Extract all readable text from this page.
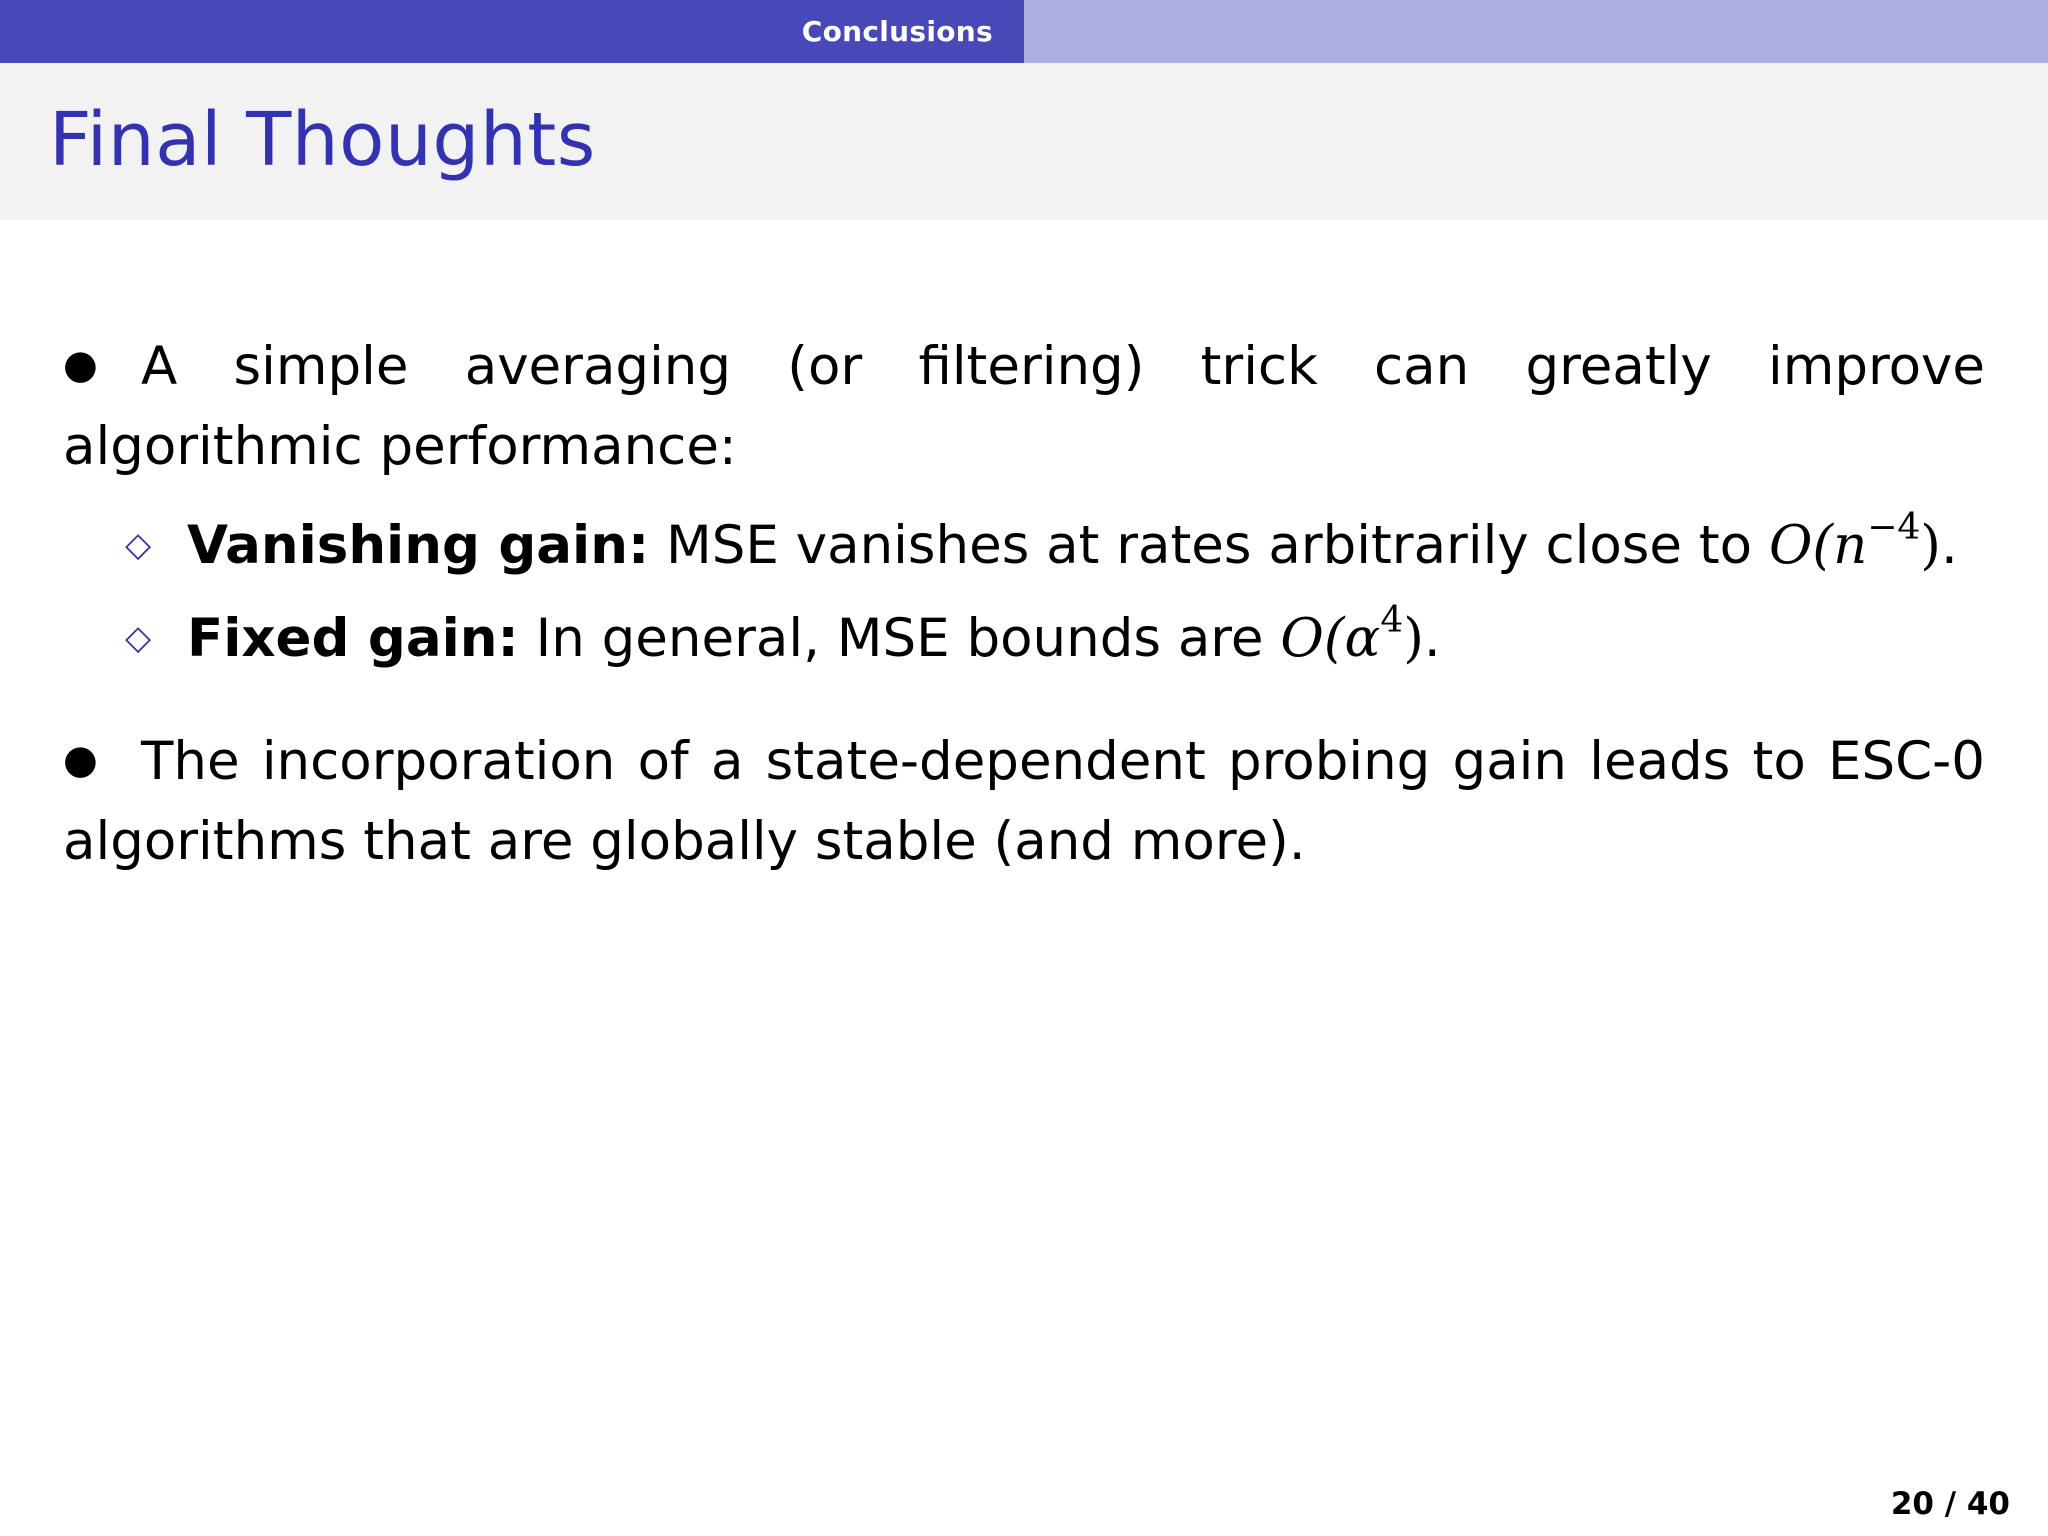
Conclusions
Final Thoughts

● A simple averaging (or filtering) trick can greatly improve algorithmic performance:

◇ Vanishing gain: MSE vanishes at rates arbitrarily close to $O(n^{-4})$.
◇ Fixed gain: In general, MSE bounds are $O(\alpha^4)$.

● The incorporation of a state-dependent probing gain leads to ESC-0 algorithms that are globally stable (and more).

20 / 40
